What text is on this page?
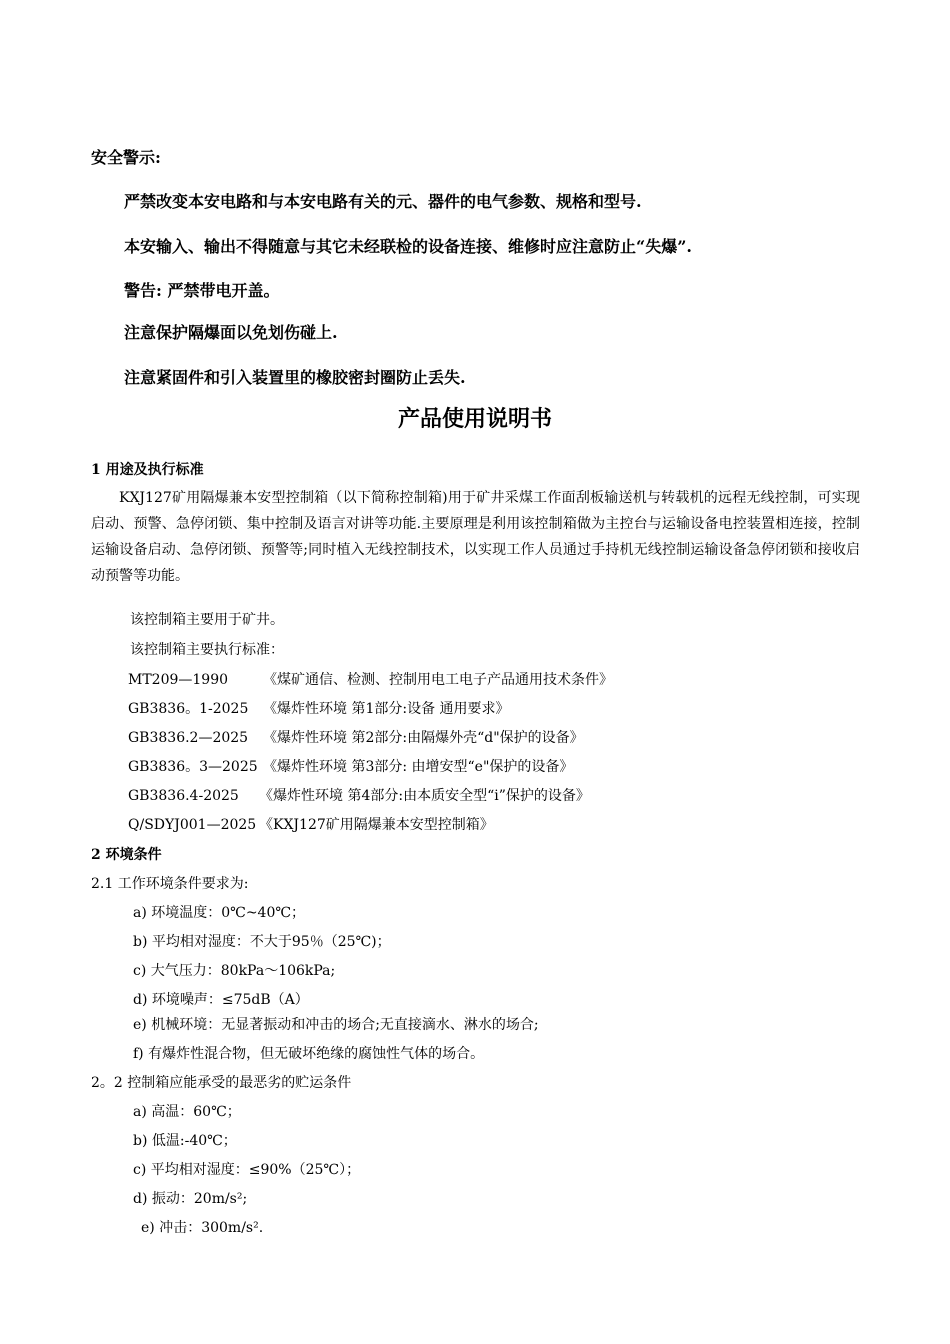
安全警示:
严禁改变本安电路和与本安电路有关的元、器件的电气参数、规格和型号.
本安输入、输出不得随意与其它未经联检的设备连接、维修时应注意防止“失爆”.
警告: 严禁带电开盖。
注意保护隔爆面以免划伤碰上.
注意紧固件和引入装置里的橡胶密封圈防止丢失.
产品使用说明书
1 用途及执行标准
KXJ127矿用隔爆兼本安型控制箱（以下简称控制箱)用于矿井采煤工作面刮板输送机与转载机的远程无线控制，可实现启动、预警、急停闭锁、集中控制及语言对讲等功能.主要原理是利用该控制箱做为主控台与运输设备电控装置相连接，控制运输设备启动、急停闭锁、预警等;同时植入无线控制技术，以实现工作人员通过手持机无线控制运输设备急停闭锁和接收启动预警等功能。
该控制箱主要用于矿井。
该控制箱主要执行标准：
MT209—1990 《煤矿通信、检测、控制用电工电子产品通用技术条件》
GB3836。1-2025 《爆炸性环境 第1部分:设备 通用要求》
GB3836.2—2025 《爆炸性环境 第2部分:由隔爆外壳“d"保护的设备》
GB3836。3—2025 《爆炸性环境 第3部分: 由增安型“e"保护的设备》
GB3836.4-2025 《爆炸性环境 第4部分:由本质安全型“i”保护的设备》
Q/SDYJ001—2025 《KXJ127矿用隔爆兼本安型控制箱》
2 环境条件
2.1 工作环境条件要求为:
a) 环境温度：0℃~40℃；
b) 平均相对湿度：不大于95％（25℃)；
c) 大气压力：80kPa～106kPa;
d) 环境噪声：≤75dB（A）
e) 机械环境：无显著振动和冲击的场合;无直接滴水、淋水的场合;
f) 有爆炸性混合物，但无破坏绝缘的腐蚀性气体的场合。
2。2 控制箱应能承受的最恶劣的贮运条件
a) 高温：60℃；
b) 低温:-40℃；
c) 平均相对湿度：≤90%（25℃）；
d) 振动：20m/s²;
e) 冲击：300m/s².
